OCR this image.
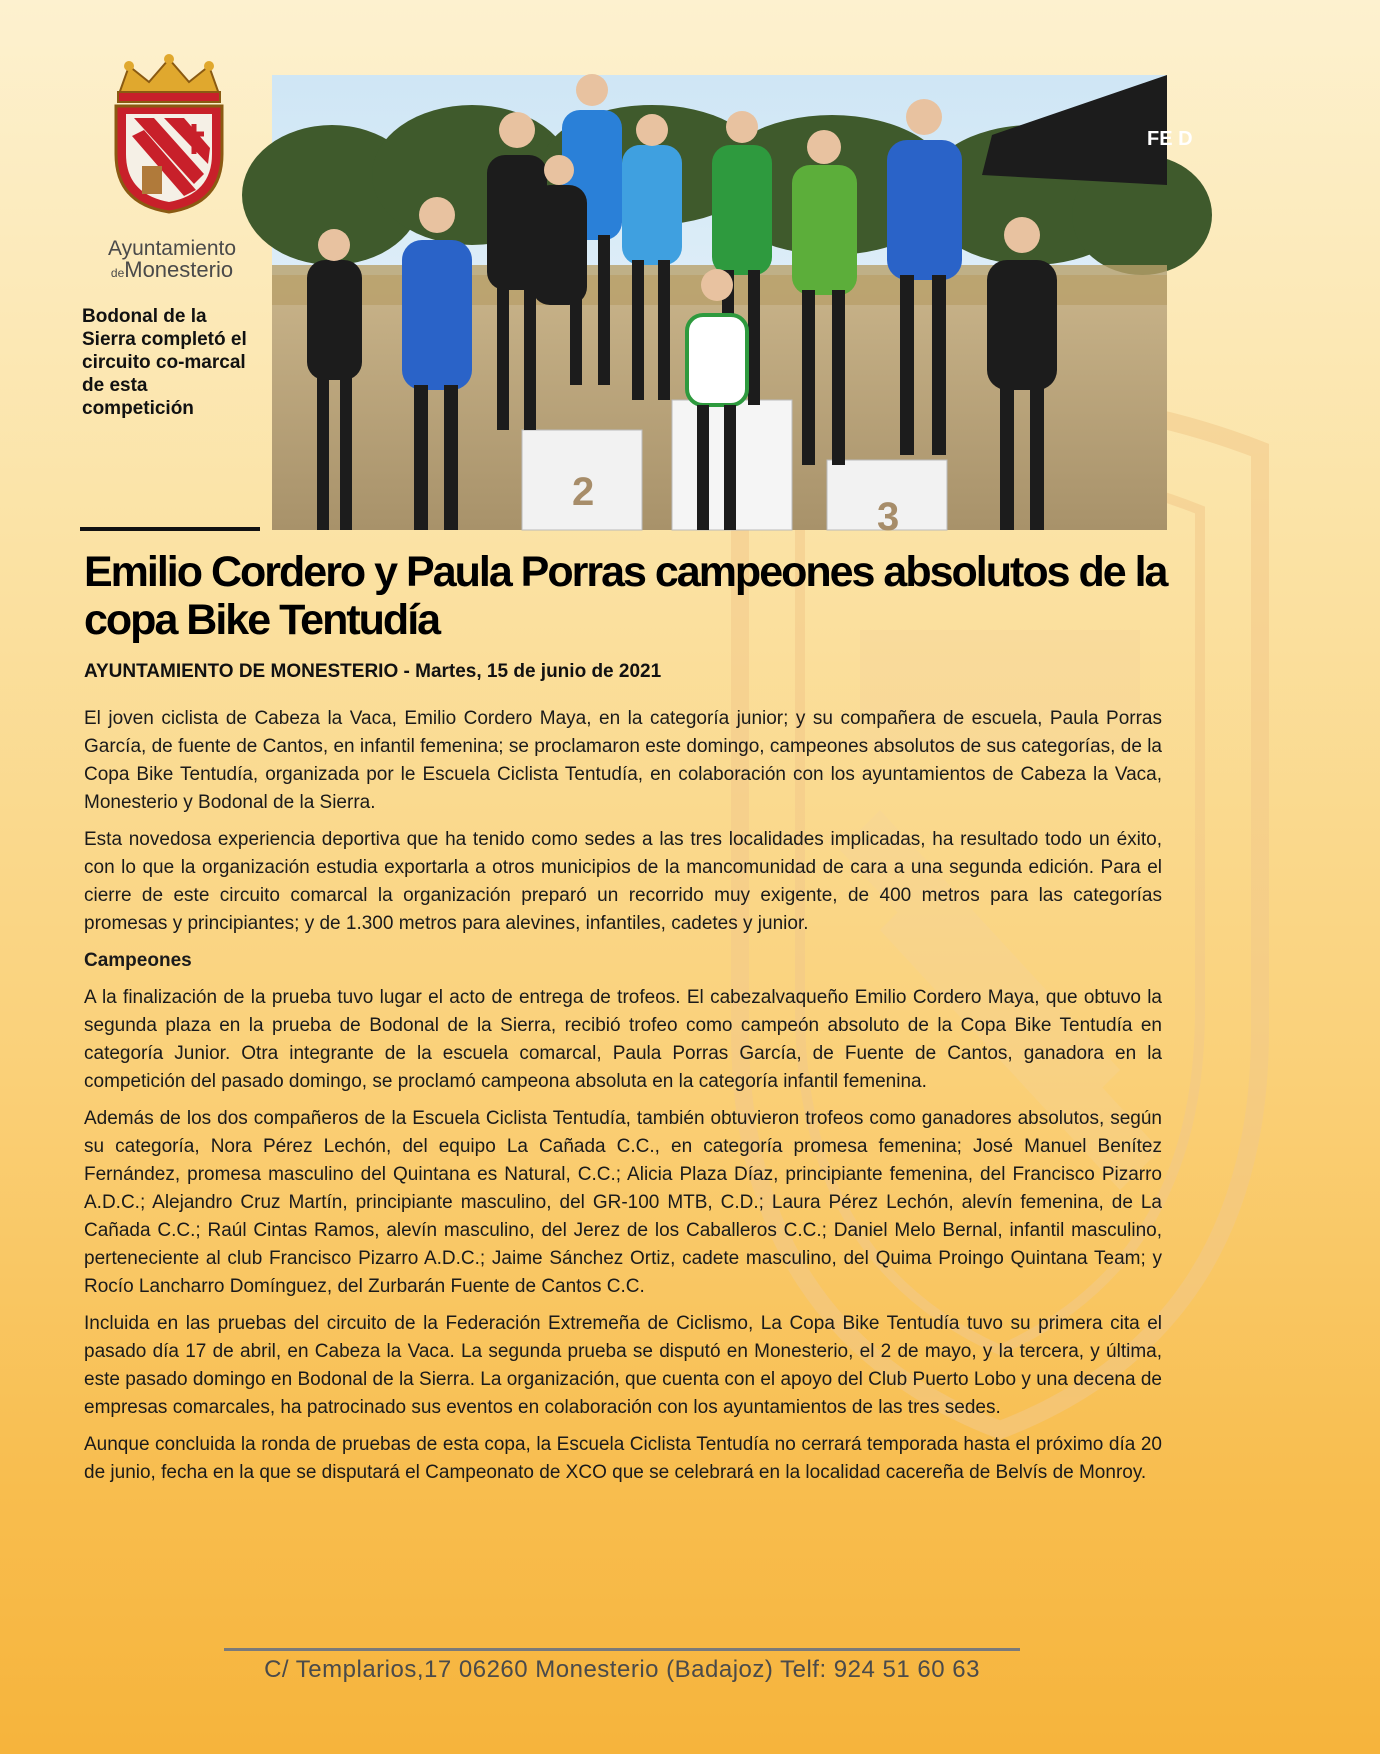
Ayuntamiento
deMonesterio
Bodonal de la Sierra completó el circuito co-marcal de esta competición
FE D
2
3
Emilio Cordero y Paula Porras campeones absolutos de la copa Bike Tentudía
AYUNTAMIENTO DE MONESTERIO - Martes, 15 de junio de 2021

El joven ciclista de Cabeza la Vaca, Emilio Cordero Maya, en la categoría junior; y su compañera de escuela, Paula Porras García, de fuente de Cantos, en infantil femenina; se proclamaron este domingo, campeones absolutos de sus categorías, de la Copa Bike Tentudía, organizada por le Escuela Ciclista Tentudía, en colaboración con los ayuntamientos de Cabeza la Vaca, Monesterio y Bodonal de la Sierra.

Esta novedosa experiencia deportiva que ha tenido como sedes a las tres localidades implicadas, ha resultado todo un éxito, con lo que la organización estudia exportarla a otros municipios de la mancomunidad de cara a una segunda edición. Para el cierre de este circuito comarcal la organización preparó un recorrido muy exigente, de 400 metros para las categorías promesas y principiantes; y de 1.300 metros para alevines, infantiles, cadetes y junior.

Campeones

A la finalización de la prueba tuvo lugar el acto de entrega de trofeos. El cabezalvaqueño Emilio Cordero Maya, que obtuvo la segunda plaza en la prueba de Bodonal de la Sierra, recibió trofeo como campeón absoluto de la Copa Bike Tentudía en categoría Junior. Otra integrante de la escuela comarcal, Paula Porras García, de Fuente de Cantos, ganadora en la competición del pasado domingo, se proclamó campeona absoluta en la categoría infantil femenina.

Además de los dos compañeros de la Escuela Ciclista Tentudía, también obtuvieron trofeos como ganadores absolutos, según su categoría, Nora Pérez Lechón, del equipo La Cañada C.C., en categoría promesa femenina; José Manuel Benítez Fernández, promesa masculino del Quintana es Natural, C.C.; Alicia Plaza Díaz, principiante femenina, del Francisco Pizarro A.D.C.; Alejandro Cruz Martín, principiante masculino, del GR-100 MTB, C.D.; Laura Pérez Lechón, alevín femenina, de La Cañada C.C.; Raúl Cintas Ramos, alevín masculino, del Jerez de los Caballeros C.C.; Daniel Melo Bernal, infantil masculino, perteneciente al club Francisco Pizarro A.D.C.; Jaime Sánchez Ortiz, cadete masculino, del Quima Proingo Quintana Team; y Rocío Lancharro Domínguez, del Zurbarán Fuente de Cantos C.C.

Incluida en las pruebas del circuito de la Federación Extremeña de Ciclismo, La Copa Bike Tentudía tuvo su primera cita el pasado día 17 de abril, en Cabeza la Vaca. La segunda prueba se disputó en Monesterio, el 2 de mayo, y la tercera, y última, este pasado domingo en Bodonal de la Sierra. La organización, que cuenta con el apoyo del Club Puerto Lobo y una decena de empresas comarcales, ha patrocinado sus eventos en colaboración con los ayuntamientos de las tres sedes.

Aunque concluida la ronda de pruebas de esta copa, la Escuela Ciclista Tentudía no cerrará temporada hasta el próximo día 20 de junio, fecha en la que se disputará el Campeonato de XCO que se celebrará en la localidad cacereña de Belvís de Monroy.

C/ Templarios,17 06260 Monesterio (Badajoz) Telf: 924 51 60 63
